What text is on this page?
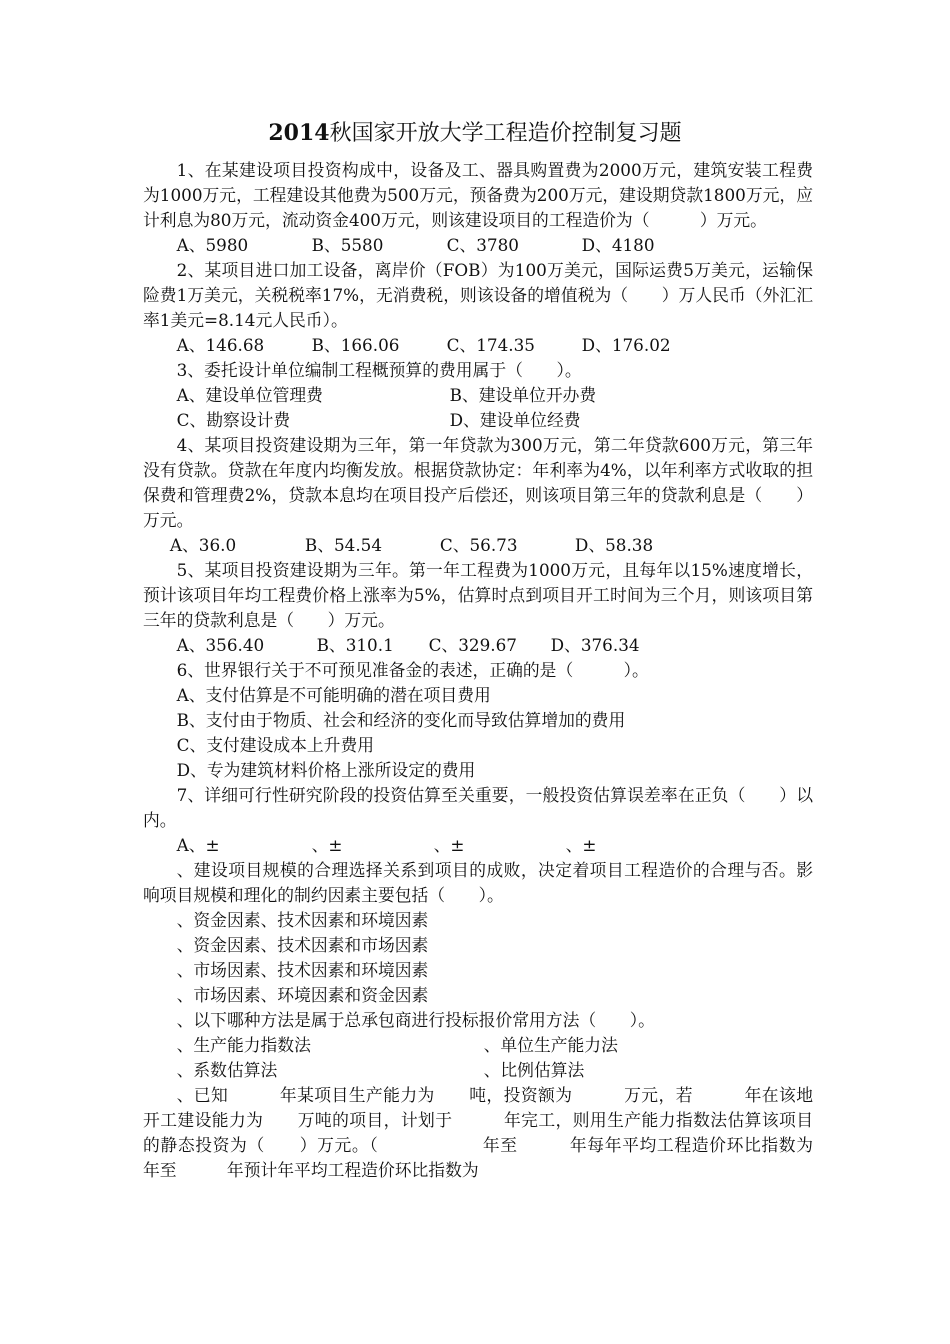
2014秋国家开放大学工程造价控制复习题

1、在某建设项目投资构成中，设备及工、器具购置费为2000万元，建筑安装工程费为1000万元，工程建设其他费为500万元，预备费为200万元，建设期贷款1800万元，应计利息为80万元，流动资金400万元，则该建设项目的工程造价为（　　　）万元。

A、5980	B、5580	C、3780	D、4180

2、某项目进口加工设备，离岸价（FOB）为100万美元，国际运费5万美元，运输保险费1万美元，关税税率17%，无消费税，则该设备的增值税为（　　）万人民币（外汇汇率1美元=8.14元人民币）。

A、146.68	B、166.06	C、174.35	D、176.02

3、委托设计单位编制工程概预算的费用属于（　　）。

A、建设单位管理费	B、建设单位开办费
C、勘察设计费	D、建设单位经费

4、某项目投资建设期为三年，第一年贷款为300万元，第二年贷款600万元，第三年没有贷款。贷款在年度内均衡发放。根据贷款协定：年利率为4%，以年利率方式收取的担保费和管理费2%，贷款本息均在项目投产后偿还，则该项目第三年的贷款利息是（　　）万元。

A、36.0	B、54.54	C、56.73	D、58.38

5、某项目投资建设期为三年。第一年工程费为1000万元，且每年以15%速度增长，预计该项目年均工程费价格上涨率为5%，估算时点到项目开工时间为三个月，则该项目第三年的贷款利息是（　　）万元。

A、356.40	B、310.1	C、329.67	D、376.34

6、世界银行关于不可预见准备金的表述，正确的是（　　　）。

A、支付估算是不可能明确的潜在项目费用
B、支付由于物质、社会和经济的变化而导致估算增加的费用
C、支付建设成本上升费用
D、专为建筑材料价格上涨所设定的费用

7、详细可行性研究阶段的投资估算至关重要，一般投资估算误差率在正负（　　）以内。

A、±	、±	、±	、±

、建设项目规模的合理选择关系到项目的成败，决定着项目工程造价的合理与否。影响项目规模和理化的制约因素主要包括（　　）。

、资金因素、技术因素和环境因素
、资金因素、技术因素和市场因素
、市场因素、技术因素和环境因素
、市场因素、环境因素和资金因素

、以下哪种方法是属于总承包商进行投标报价常用方法（　　）。

、生产能力指数法	、单位生产能力法
、系数估算法	、比例估算法

、已知　　　年某项目生产能力为　　吨，投资额为　　　万元，若　　　年在该地开工建设能力为　　万吨的项目，计划于　　　年完工，则用生产能力指数法估算该项目的静态投资为（　　）万元。（　　　　　　年至　　　年每年平均工程造价环比指数为　　　　　　　年至　　　年预计年平均工程造价环比指数为
